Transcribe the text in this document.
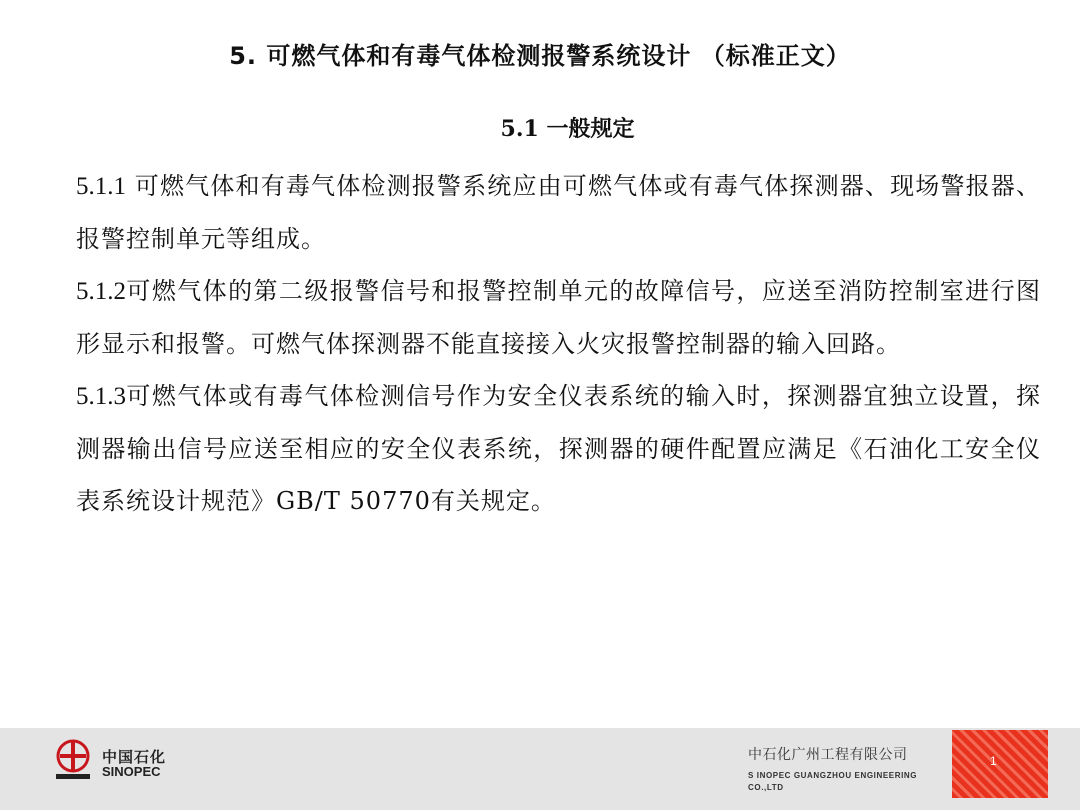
5. 可燃气体和有毒气体检测报警系统设计 （标准正文）
5.1 一般规定

5.1.1 可燃气体和有毒气体检测报警系统应由可燃气体或有毒气体探测器、现场警报器、报警控制单元等组成。

5.1.2可燃气体的第二级报警信号和报警控制单元的故障信号，应送至消防控制室进行图形显示和报警。可燃气体探测器不能直接接入火灾报警控制器的输入回路。

5.1.3可燃气体或有毒气体检测信号作为安全仪表系统的输入时，探测器宜独立设置，探测器输出信号应送至相应的安全仪表系统，探测器的硬件配置应满足《石油化工安全仪表系统设计规范》GB/T 50770有关规定。

中国石化
SINOPEC
中石化广州工程有限公司
S INOPEC GUANGZHOU ENGINEERING CO.,LTD
1
